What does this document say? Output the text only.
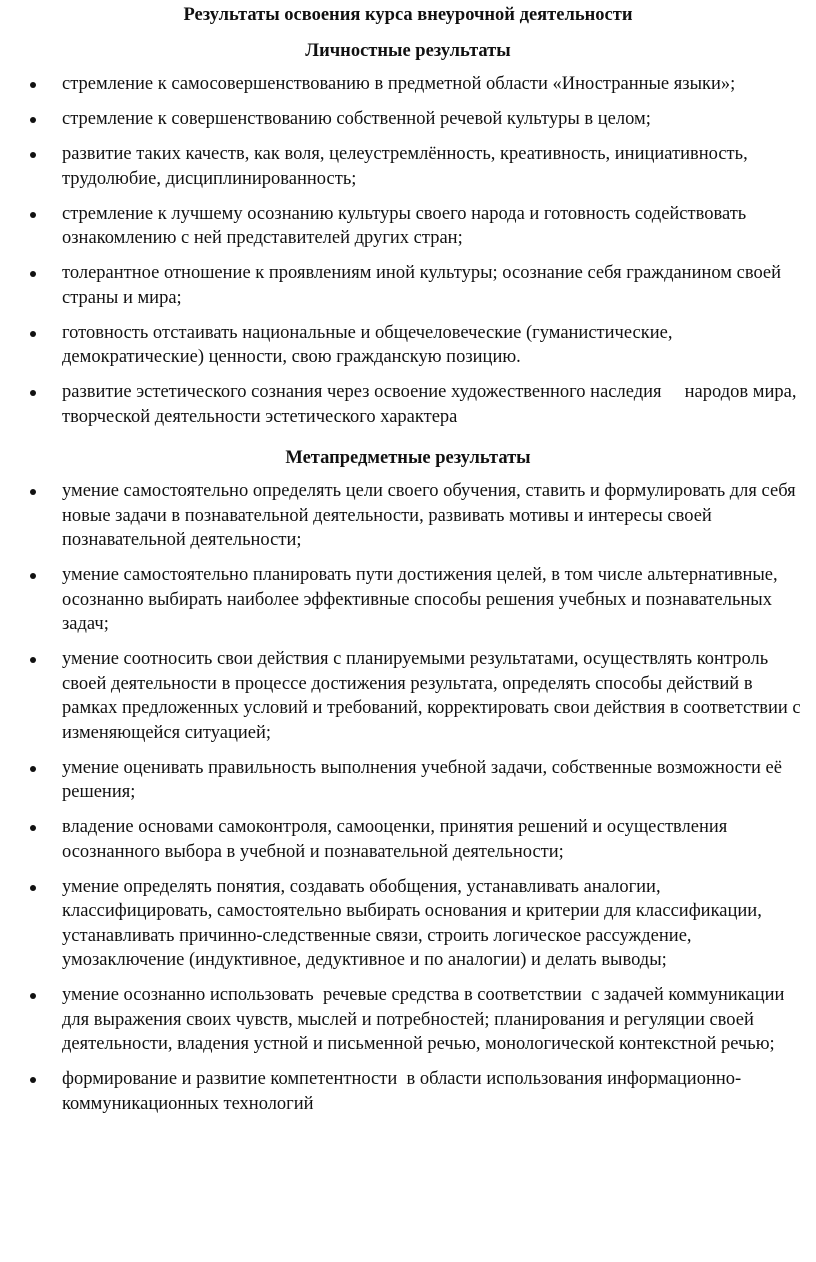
Результаты освоения курса внеурочной деятельности
Личностные результаты
стремление к самосовершенствованию в предметной области «Иностранные языки»;
стремление к совершенствованию собственной речевой культуры в целом;
развитие таких качеств, как воля, целеустремлённость, креативность, инициативность, трудолюбие, дисциплинированность;
стремление к лучшему осознанию культуры своего народа и готовность содействовать ознакомлению с ней представителей других стран;
толерантное отношение к проявлениям иной культуры; осознание себя гражданином своей страны и мира;
готовность отстаивать национальные и общечеловеческие (гуманистические, демократические) ценности, свою гражданскую позицию.
развитие эстетического сознания через освоение художественного наследия     народов мира, творческой деятельности эстетического характера
Метапредметные результаты
умение самостоятельно определять цели своего обучения, ставить и формулировать для себя новые задачи в познавательной деятельности, развивать мотивы и интересы своей познавательной деятельности;
умение самостоятельно планировать пути достижения целей, в том числе альтернативные, осознанно выбирать наиболее эффективные способы решения учебных и познавательных задач;
умение соотносить свои действия с планируемыми результатами, осуществлять контроль своей деятельности в процессе достижения результата, определять способы действий в рамках предложенных условий и требований, корректировать свои действия в соответствии с изменяющейся ситуацией;
умение оценивать правильность выполнения учебной задачи, собственные возможности её решения;
владение основами самоконтроля, самооценки, принятия решений и осуществления осознанного выбора в учебной и познавательной деятельности;
умение определять понятия, создавать обобщения, устанавливать аналогии, классифицировать, самостоятельно выбирать основания и критерии для классификации, устанавливать причинно-следственные связи, строить логическое рассуждение, умозаключение (индуктивное, дедуктивное и по аналогии) и делать выводы;
умение осознанно использовать  речевые средства в соответствии  с задачей коммуникации для выражения своих чувств, мыслей и потребностей; планирования и регуляции своей деятельности, владения устной и письменной речью, монологической контекстной речью;
формирование и развитие компетентности  в области использования информационно-коммуникационных технологий
